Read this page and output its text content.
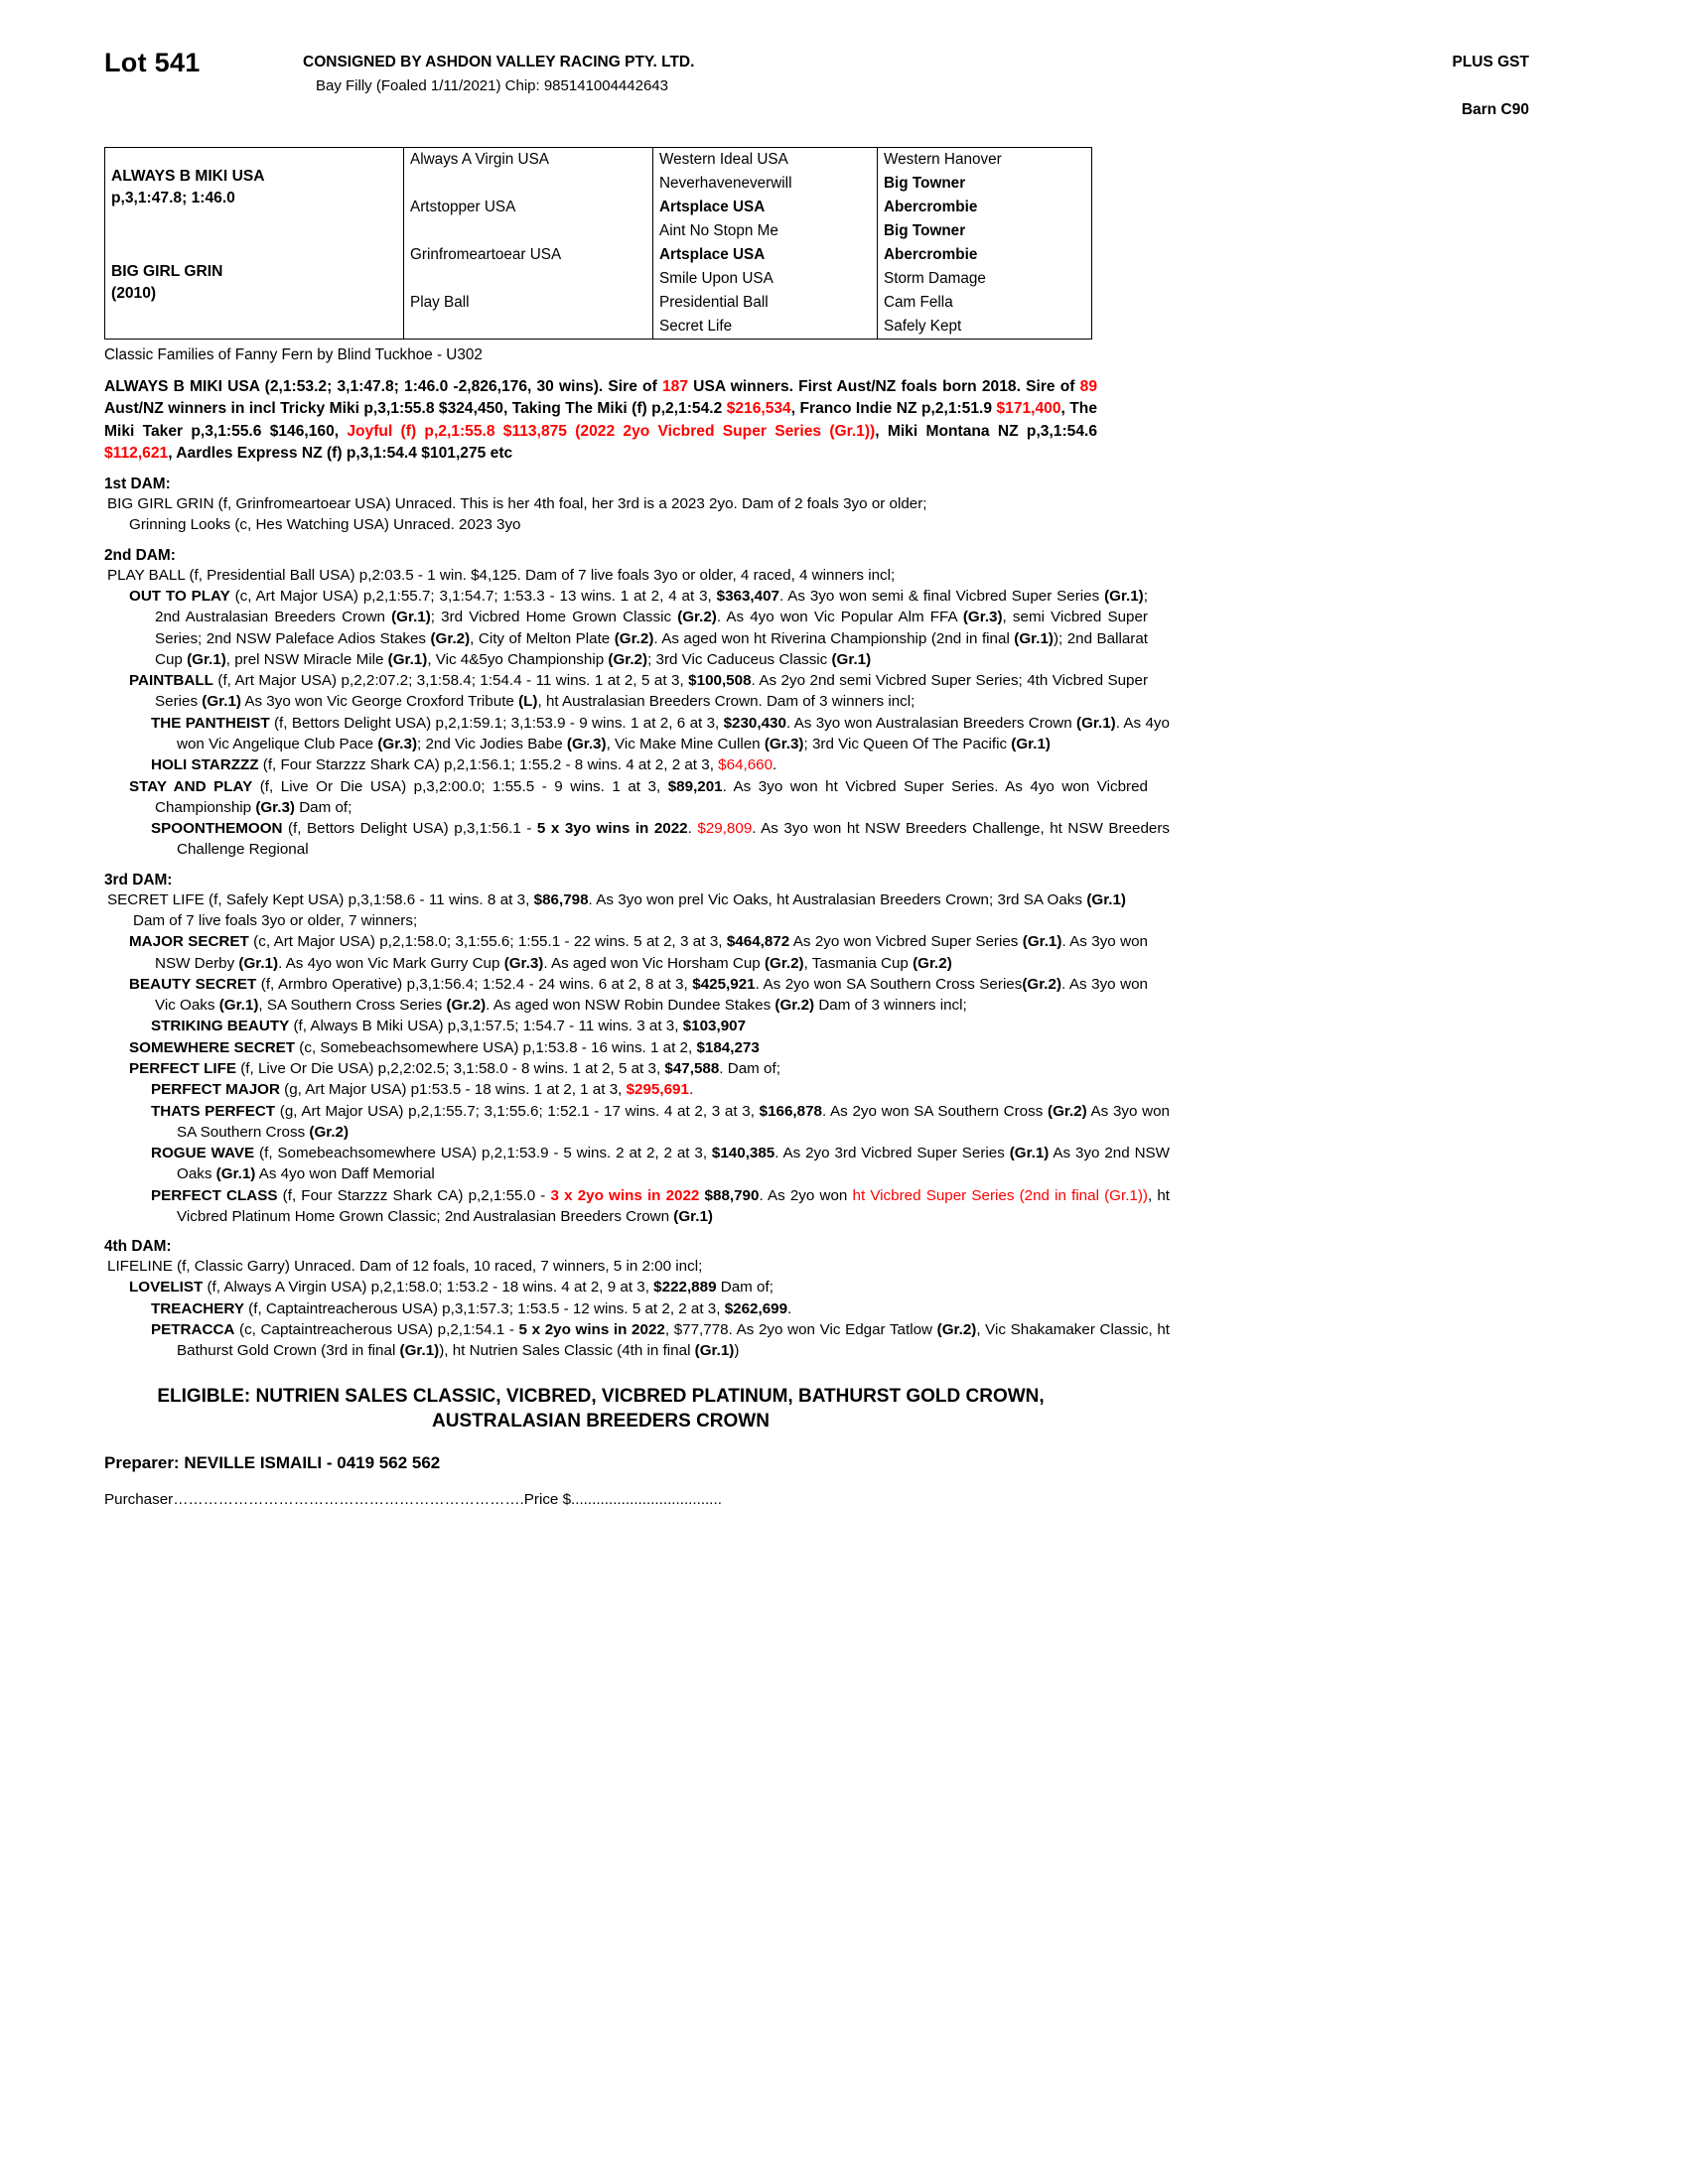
Lot 541	CONSIGNED BY ASHDON VALLEY RACING PTY. LTD.
Bay Filly (Foaled 1/11/2021) Chip: 985141004442643
PLUS GST
Barn C90
ALWAYS B MIKI USA
p,3,1:47.8; 1:46.0	Always A Virgin USA	Western Ideal USA	Western Hanover
		Neverhaveneverwill	Big Towner
	Artstopper USA	Artsplace USA	Abercrombie
		Aint No Stopn Me	Big Towner

BIG GIRL GRIN
(2010)	Grinfromeartoear USA	Artsplace USA	Abercrombie
		Smile Upon USA	Storm Damage
	Play Ball	Presidential Ball	Cam Fella
		Secret Life	Safely Kept
Classic Families of Fanny Fern by Blind Tuckhoe - U302
ALWAYS B MIKI USA (2,1:53.2; 3,1:47.8; 1:46.0 -2,826,176, 30 wins). Sire of 187 USA winners. First Aust/NZ foals born 2018. Sire of 89 Aust/NZ winners in incl Tricky Miki p,3,1:55.8 $324,450, Taking The Miki (f) p,2,1:54.2 $216,534, Franco Indie NZ p,2,1:51.9 $171,400, The Miki Taker p,3,1:55.6 $146,160, Joyful (f) p,2,1:55.8 $113,875 (2022 2yo Vicbred Super Series (Gr.1)), Miki Montana NZ p,3,1:54.6 $112,621, Aardles Express NZ (f) p,3,1:54.4 $101,275 etc
1st DAM:
BIG GIRL GRIN (f, Grinfromeartoear USA) Unraced. This is her 4th foal, her 3rd is a 2023 2yo. Dam of 2 foals 3yo or older;
Grinning Looks (c, Hes Watching USA) Unraced. 2023 3yo
2nd DAM:
PLAY BALL (f, Presidential Ball USA) p,2:03.5 - 1 win. $4,125. Dam of 7 live foals 3yo or older, 4 raced, 4 winners incl;
OUT TO PLAY (c, Art Major USA) p,2,1:55.7; 3,1:54.7; 1:53.3 - 13 wins. 1 at 2, 4 at 3, $363,407. As 3yo won semi & final Vicbred Super Series (Gr.1); 2nd Australasian Breeders Crown (Gr.1); 3rd Vicbred Home Grown Classic (Gr.2). As 4yo won Vic Popular Alm FFA (Gr.3), semi Vicbred Super Series; 2nd NSW Paleface Adios Stakes (Gr.2), City of Melton Plate (Gr.2). As aged won ht Riverina Championship (2nd in final (Gr.1)); 2nd Ballarat Cup (Gr.1), prel NSW Miracle Mile (Gr.1), Vic 4&5yo Championship (Gr.2); 3rd Vic Caduceus Classic (Gr.1)
PAINTBALL (f, Art Major USA) p,2,2:07.2; 3,1:58.4; 1:54.4 - 11 wins. 1 at 2, 5 at 3, $100,508. As 2yo 2nd semi Vicbred Super Series; 4th Vicbred Super Series (Gr.1) As 3yo won Vic George Croxford Tribute (L), ht Australasian Breeders Crown. Dam of 3 winners incl;
THE PANTHEIST (f, Bettors Delight USA) p,2,1:59.1; 3,1:53.9 - 9 wins. 1 at 2, 6 at 3, $230,430. As 3yo won Australasian Breeders Crown (Gr.1). As 4yo won Vic Angelique Club Pace (Gr.3); 2nd Vic Jodies Babe (Gr.3), Vic Make Mine Cullen (Gr.3); 3rd Vic Queen Of The Pacific (Gr.1)
HOLI STARZZZ (f, Four Starzzz Shark CA) p,2,1:56.1; 1:55.2 - 8 wins. 4 at 2, 2 at 3, $64,660.
STAY AND PLAY (f, Live Or Die USA) p,3,2:00.0; 1:55.5 - 9 wins. 1 at 3, $89,201. As 3yo won ht Vicbred Super Series. As 4yo won Vicbred Championship (Gr.3) Dam of;
SPOONTHEMOON (f, Bettors Delight USA) p,3,1:56.1 - 5 x 3yo wins in 2022. $29,809. As 3yo won ht NSW Breeders Challenge, ht NSW Breeders Challenge Regional
3rd DAM:
SECRET LIFE (f, Safely Kept USA) p,3,1:58.6 - 11 wins. 8 at 3, $86,798. As 3yo won prel Vic Oaks, ht Australasian Breeders Crown; 3rd SA Oaks (Gr.1) Dam of 7 live foals 3yo or older, 7 winners;
MAJOR SECRET (c, Art Major USA) p,2,1:58.0; 3,1:55.6; 1:55.1 - 22 wins. 5 at 2, 3 at 3, $464,872 As 2yo won Vicbred Super Series (Gr.1). As 3yo won NSW Derby (Gr.1). As 4yo won Vic Mark Gurry Cup (Gr.3). As aged won Vic Horsham Cup (Gr.2), Tasmania Cup (Gr.2)
BEAUTY SECRET (f, Armbro Operative) p,3,1:56.4; 1:52.4 - 24 wins. 6 at 2, 8 at 3, $425,921. As 2yo won SA Southern Cross Series(Gr.2). As 3yo won Vic Oaks (Gr.1), SA Southern Cross Series (Gr.2). As aged won NSW Robin Dundee Stakes (Gr.2) Dam of 3 winners incl;
STRIKING BEAUTY (f, Always B Miki USA) p,3,1:57.5; 1:54.7 - 11 wins. 3 at 3, $103,907
SOMEWHERE SECRET (c, Somebeachsomewhere USA) p,1:53.8 - 16 wins. 1 at 2, $184,273
PERFECT LIFE (f, Live Or Die USA) p,2,2:02.5; 3,1:58.0 - 8 wins. 1 at 2, 5 at 3, $47,588. Dam of;
PERFECT MAJOR (g, Art Major USA) p1:53.5 - 18 wins. 1 at 2, 1 at 3, $295,691.
THATS PERFECT (g, Art Major USA) p,2,1:55.7; 3,1:55.6; 1:52.1 - 17 wins. 4 at 2, 3 at 3, $166,878. As 2yo won SA Southern Cross (Gr.2) As 3yo won SA Southern Cross (Gr.2)
ROGUE WAVE (f, Somebeachsomewhere USA) p,2,1:53.9 - 5 wins. 2 at 2, 2 at 3, $140,385. As 2yo 3rd Vicbred Super Series (Gr.1) As 3yo 2nd NSW Oaks (Gr.1) As 4yo won Daff Memorial
PERFECT CLASS (f, Four Starzzz Shark CA) p,2,1:55.0 - 3 x 2yo wins in 2022 $88,790. As 2yo won ht Vicbred Super Series (2nd in final (Gr.1)), ht Vicbred Platinum Home Grown Classic; 2nd Australasian Breeders Crown (Gr.1)
4th DAM:
LIFELINE (f, Classic Garry) Unraced. Dam of 12 foals, 10 raced, 7 winners, 5 in 2:00 incl;
LOVELIST (f, Always A Virgin USA) p,2,1:58.0; 1:53.2 - 18 wins. 4 at 2, 9 at 3, $222,889 Dam of;
TREACHERY (f, Captaintreacherous USA) p,3,1:57.3; 1:53.5 - 12 wins. 5 at 2, 2 at 3, $262,699.
PETRACCA (c, Captaintreacherous USA) p,2,1:54.1 - 5 x 2yo wins in 2022, $77,778. As 2yo won Vic Edgar Tatlow (Gr.2), Vic Shakamaker Classic, ht Bathurst Gold Crown (3rd in final (Gr.1)), ht Nutrien Sales Classic (4th in final (Gr.1))
ELIGIBLE: NUTRIEN SALES CLASSIC, VICBRED, VICBRED PLATINUM, BATHURST GOLD CROWN, AUSTRALASIAN BREEDERS CROWN
Preparer: NEVILLE ISMAILI - 0419 562 562
Purchaser…………………………………………………………….Price $....................................
